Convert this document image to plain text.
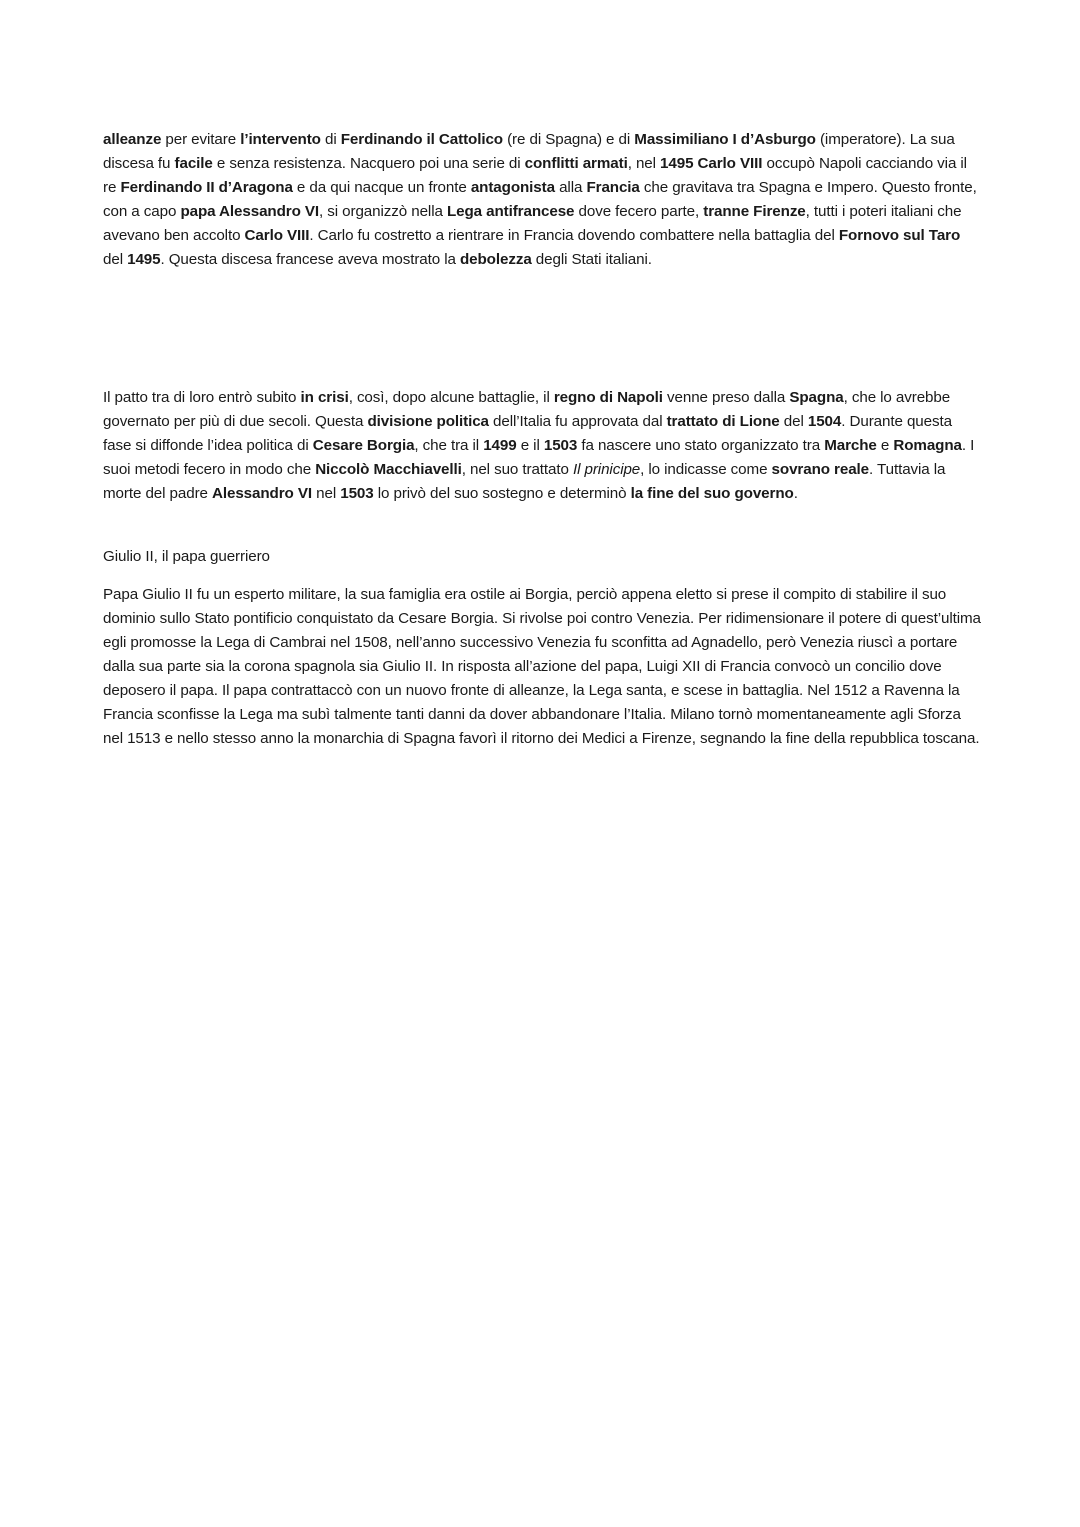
alleanze per evitare l’intervento di Ferdinando il Cattolico (re di Spagna) e di Massimiliano I d’Asburgo (imperatore). La sua discesa fu facile e senza resistenza. Nacquero poi una serie di conflitti armati, nel 1495 Carlo VIII occupò Napoli cacciando via il re Ferdinando II d’Aragona e da qui nacque un fronte antagonista alla Francia che gravitava tra Spagna e Impero. Questo fronte, con a capo papa Alessandro VI, si organizzò nella Lega antifrancese dove fecero parte, tranne Firenze, tutti i poteri italiani che avevano ben accolto Carlo VIII. Carlo fu costretto a rientrare in Francia dovendo combattere nella battaglia del Fornovo sul Taro del 1495. Questa discesa francese aveva mostrato la debolezza degli Stati italiani.

Il patto tra di loro entrò subito in crisi, così, dopo alcune battaglie, il regno di Napoli venne preso dalla Spagna, che lo avrebbe governato per più di due secoli. Questa divisione politica dell’Italia fu approvata dal trattato di Lione del 1504. Durante questa fase si diffonde l’idea politica di Cesare Borgia, che tra il 1499 e il 1503 fa nascere uno stato organizzato tra Marche e Romagna. I suoi metodi fecero in modo che Niccolò Macchiavelli, nel suo trattato Il prinicipe, lo indicasse come sovrano reale. Tuttavia la morte del padre Alessandro VI nel 1503 lo privò del suo sostegno e determinò la fine del suo governo.

Giulio II, il papa guerriero

Papa Giulio II fu un esperto militare, la sua famiglia era ostile ai Borgia, perciò appena eletto si prese il compito di stabilire il suo dominio sullo Stato pontificio conquistato da Cesare Borgia. Si rivolse poi contro Venezia. Per ridimensionare il potere di quest’ultima egli promosse la Lega di Cambrai nel 1508, nell’anno successivo Venezia fu sconfitta ad Agnadello, però Venezia riuscì a portare dalla sua parte sia la corona spagnola sia Giulio II. In risposta all’azione del papa, Luigi XII di Francia convocò un concilio dove deposero il papa. Il papa contrattaccò con un nuovo fronte di alleanze, la Lega santa, e scese in battaglia. Nel 1512 a Ravenna la Francia sconfisse la Lega ma subì talmente tanti danni da dover abbandonare l’Italia. Milano tornò momentaneamente agli Sforza nel 1513 e nello stesso anno la monarchia di Spagna favorì il ritorno dei Medici a Firenze, segnando la fine della repubblica toscana.
